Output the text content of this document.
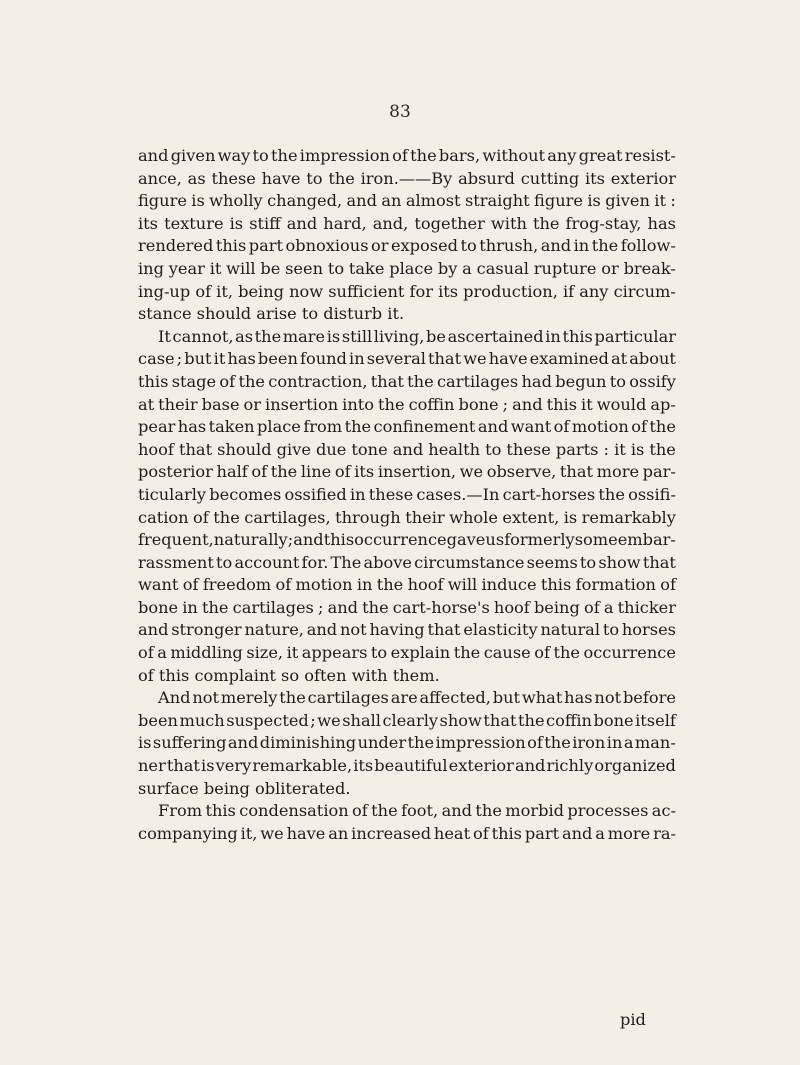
83
and given way to the impression of the bars, without any great resist-
ance, as these have to the iron.——By absurd cutting its exterior
figure is wholly changed, and an almost straight figure is given it :
its texture is stiff and hard, and, together with the frog-stay, has
rendered this part obnoxious or exposed to thrush, and in the follow-
ing year it will be seen to take place by a casual rupture or break-
ing-up of it, being now sufficient for its production, if any circum-
stance should arise to disturb it.
It cannot, as the mare is still living, be ascertained in this particular
case ; but it has been found in several that we have examined at about
this stage of the contraction, that the cartilages had begun to ossify
at their base or insertion into the coffin bone ; and this it would ap-
pear has taken place from the confinement and want of motion of the
hoof that should give due tone and health to these parts : it is the
posterior half of the line of its insertion, we observe, that more par-
ticularly becomes ossified in these cases.—In cart-horses the ossifi-
cation of the cartilages, through their whole extent, is remarkably
frequent, naturally ; and this occurrence gave us formerly some embar-
rassment to account for. The above circumstance seems to show that
want of freedom of motion in the hoof will induce this formation of
bone in the cartilages ; and the cart-horse's hoof being of a thicker
and stronger nature, and not having that elasticity natural to horses
of a middling size, it appears to explain the cause of the occurrence
of this complaint so often with them.
And not merely the cartilages are affected, but what has not before
been much suspected ; we shall clearly show that the coffin bone itself
is suffering and diminishing under the impression of the iron in a man-
ner that is very remarkable, its beautiful exterior and richly organized
surface being obliterated.
From this condensation of the foot, and the morbid processes ac-
companying it, we have an increased heat of this part and a more ra-
pid
